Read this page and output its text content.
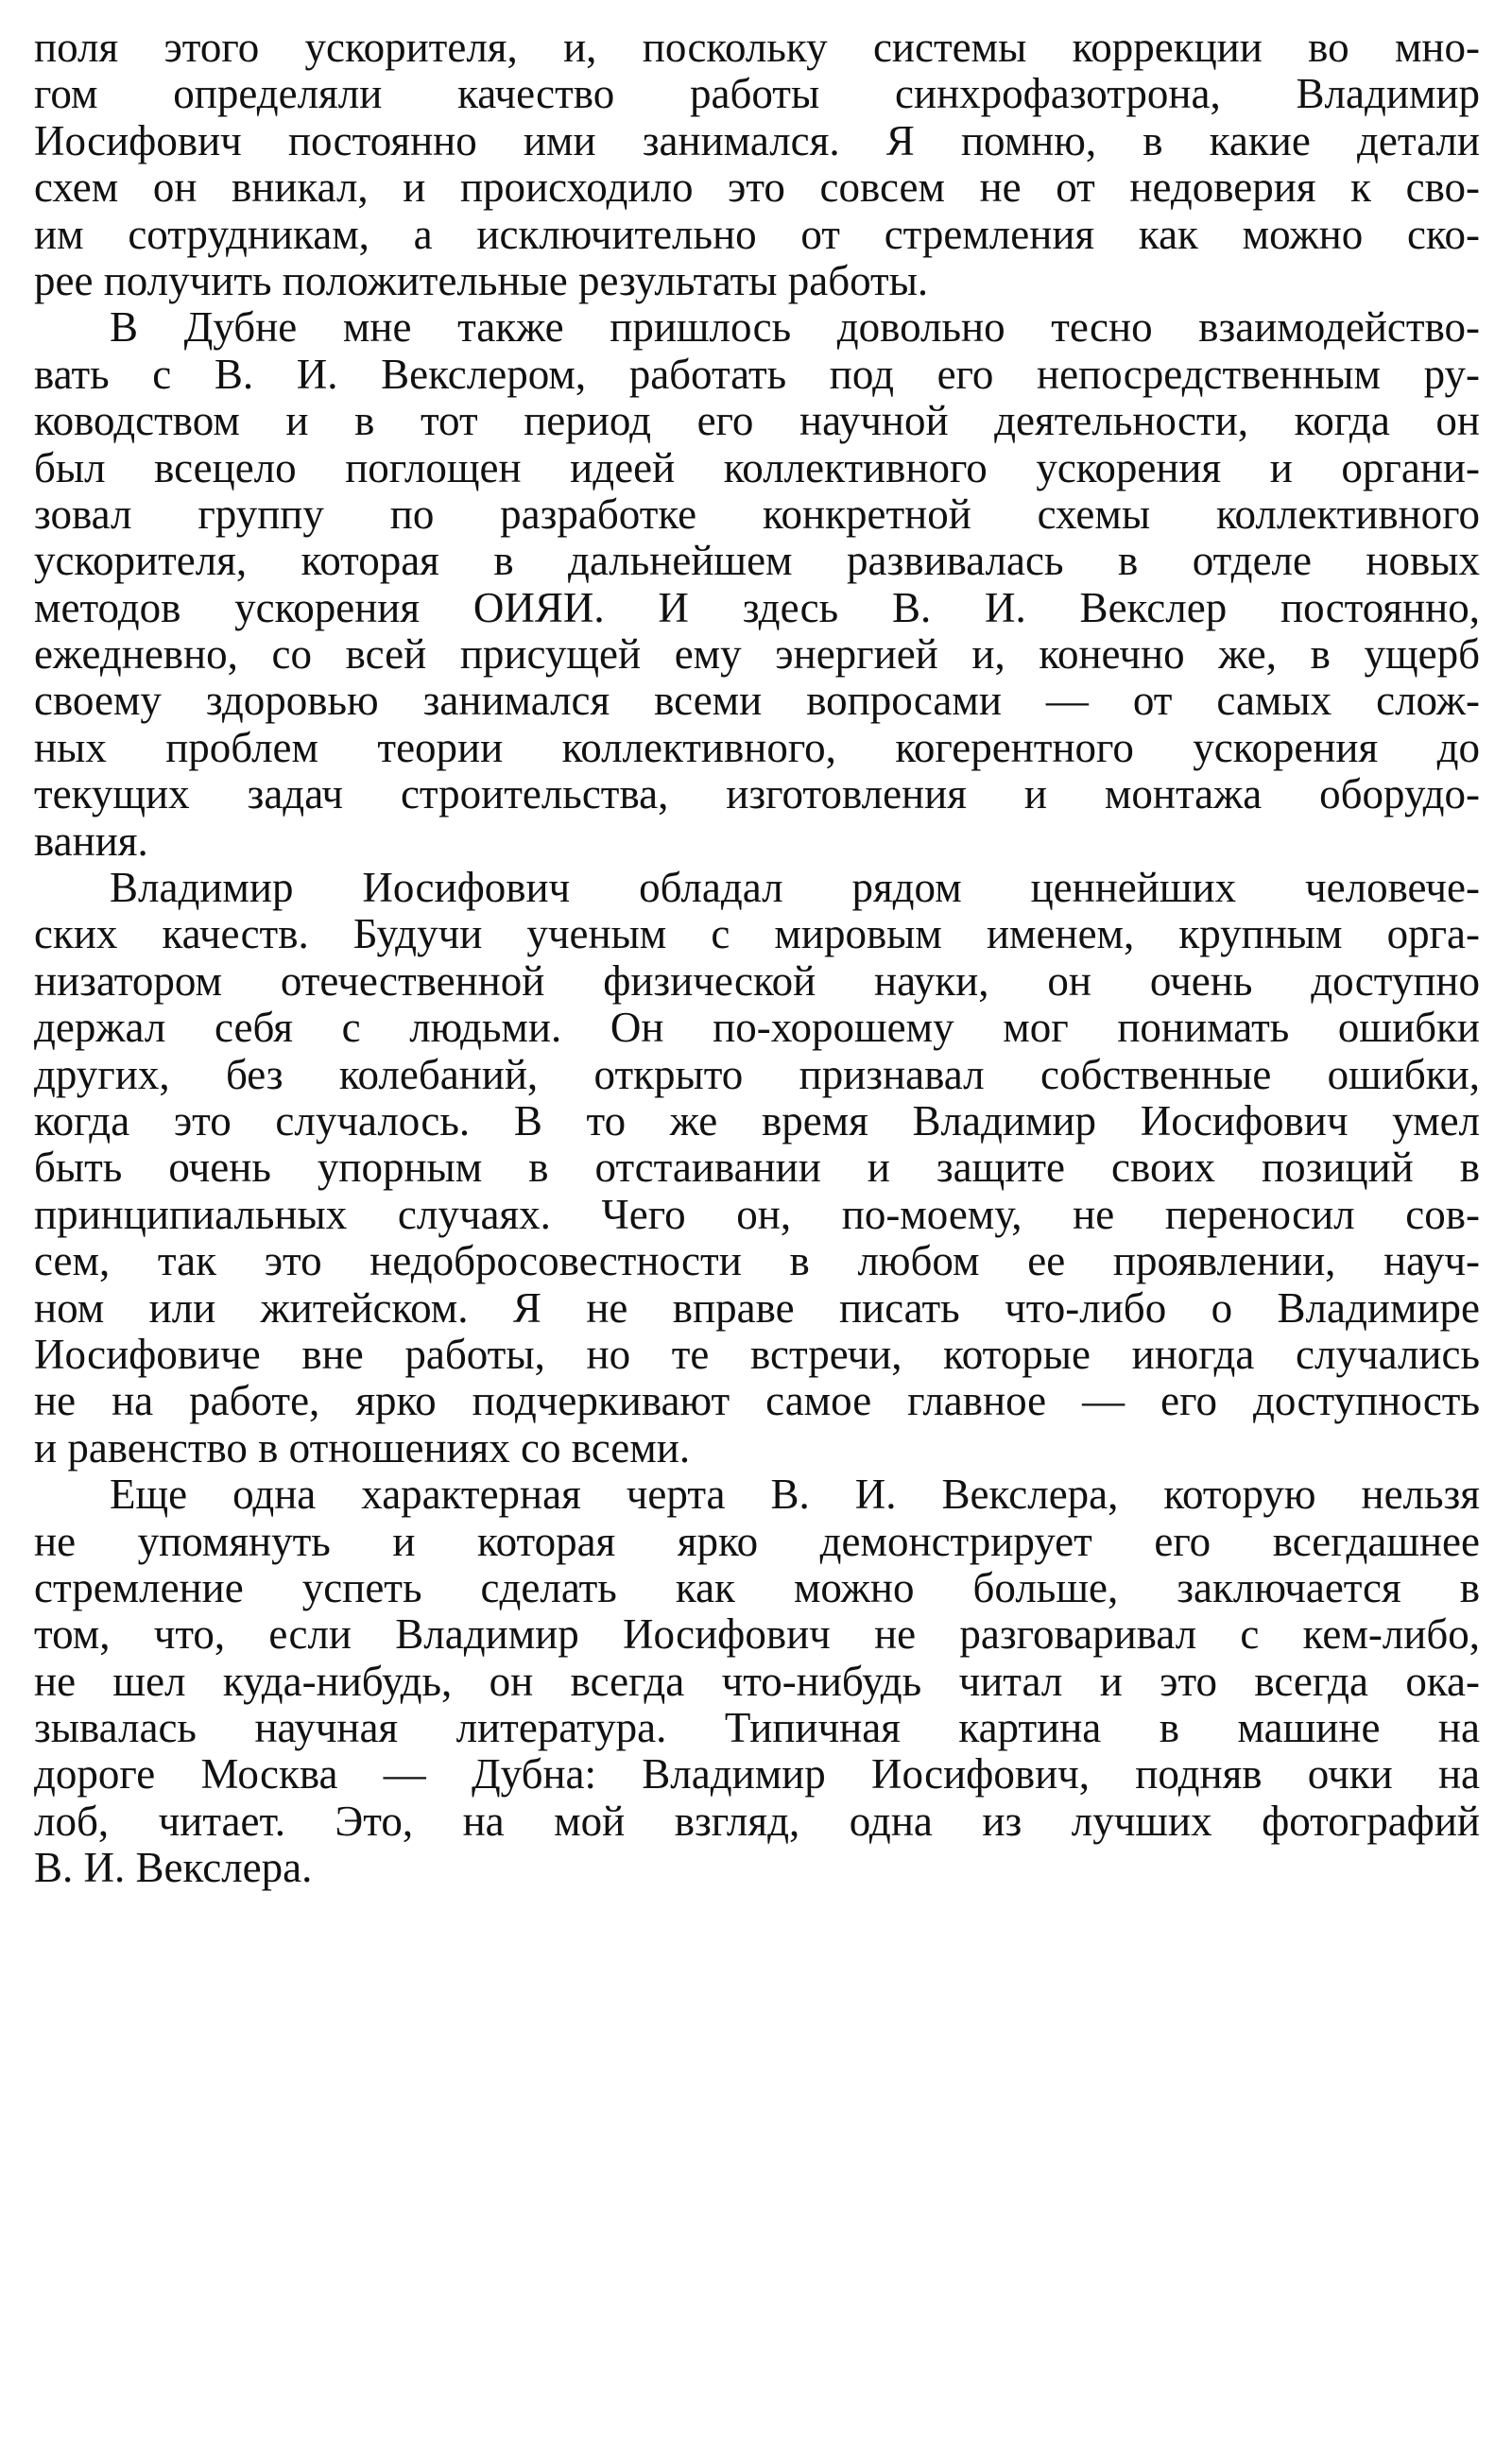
поля этого ускорителя, и, поскольку системы коррекции во мно-
гом определяли качество работы синхрофазотрона, Владимир
Иосифович постоянно ими занимался. Я помню, в какие детали
схем он вникал, и происходило это совсем не от недоверия к сво-
им сотрудникам, а исключительно от стремления как можно ско-
рее получить положительные результаты работы.
В Дубне мне также пришлось довольно тесно взаимодейство-
вать с В. И. Векслером, работать под его непосредственным ру-
ководством и в тот период его научной деятельности, когда он
был всецело поглощен идеей коллективного ускорения и органи-
зовал группу по разработке конкретной схемы коллективного
ускорителя, которая в дальнейшем развивалась в отделе новых
методов ускорения ОИЯИ. И здесь В. И. Векслер постоянно,
ежедневно, со всей присущей ему энергией и, конечно же, в ущерб
своему здоровью занимался всеми вопросами — от самых слож-
ных проблем теории коллективного, когерентного ускорения до
текущих задач строительства, изготовления и монтажа оборудо-
вания.
Владимир Иосифович обладал рядом ценнейших человече-
ских качеств. Будучи ученым с мировым именем, крупным орга-
низатором отечественной физической науки, он очень доступно
держал себя с людьми. Он по-хорошему мог понимать ошибки
других, без колебаний, открыто признавал собственные ошибки,
когда это случалось. В то же время Владимир Иосифович умел
быть очень упорным в отстаивании и защите своих позиций в
принципиальных случаях. Чего он, по-моему, не переносил сов-
сем, так это недобросовестности в любом ее проявлении, науч-
ном или житейском. Я не вправе писать что-либо о Владимире
Иосифовиче вне работы, но те встречи, которые иногда случались
не на работе, ярко подчеркивают самое главное — его доступность
и равенство в отношениях со всеми.
Еще одна характерная черта В. И. Векслера, которую нельзя
не упомянуть и которая ярко демонстрирует его всегдашнее
стремление успеть сделать как можно больше, заключается в
том, что, если Владимир Иосифович не разговаривал с кем-либо,
не шел куда-нибудь, он всегда что-нибудь читал и это всегда ока-
зывалась научная литература. Типичная картина в машине на
дороге Москва — Дубна: Владимир Иосифович, подняв очки на
лоб, читает. Это, на мой взгляд, одна из лучших фотографий
В. И. Векслера.
